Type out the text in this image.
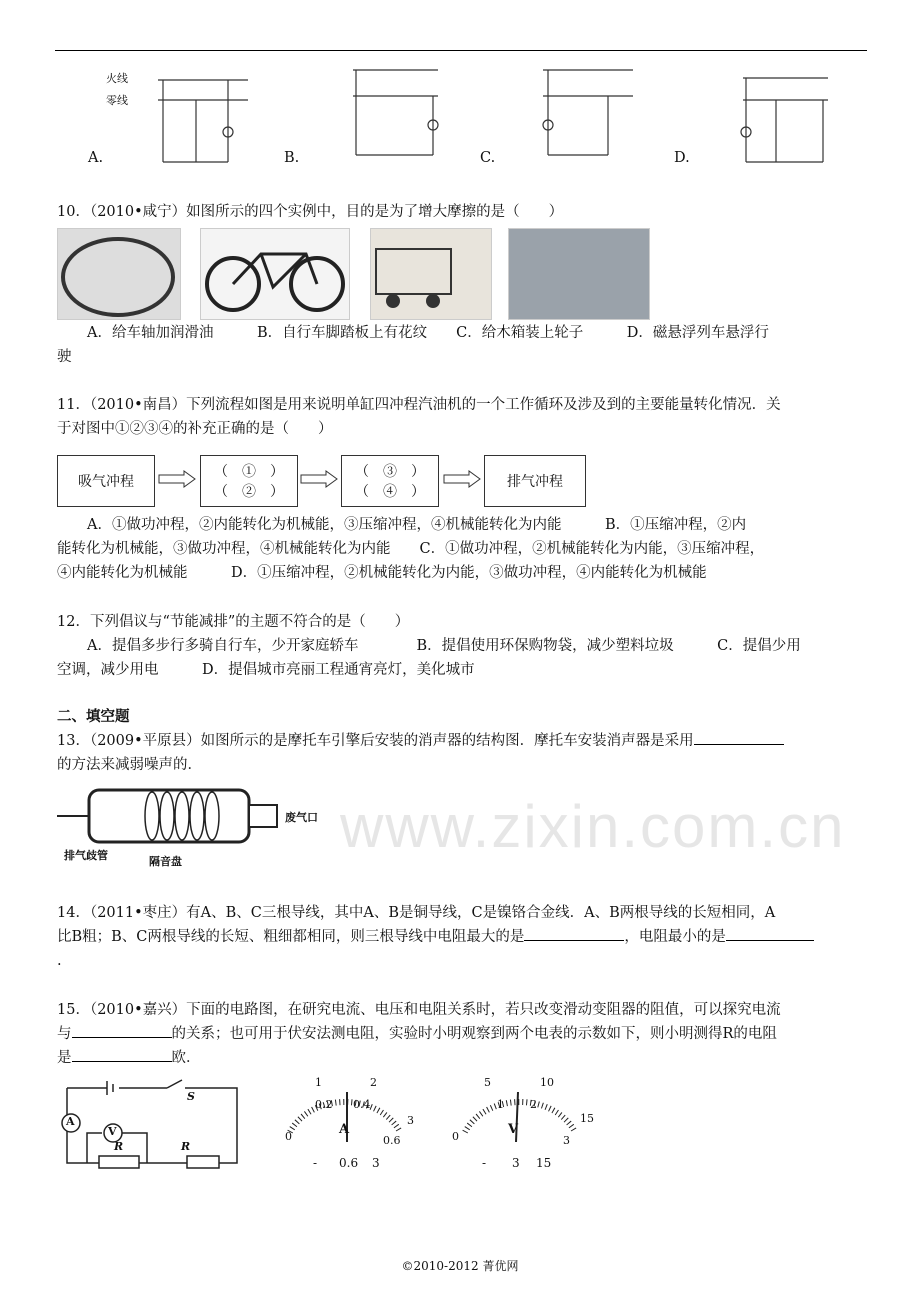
A.	B.	C.	D.
火线
零线
10．（2010•咸宁）如图所示的四个实例中，目的是为了增大摩擦的是（　　）
A．给车轴加润滑油　　　B．自行车脚踏板上有花纹　　C．给木箱装上轮子　　　D．磁悬浮列车悬浮行
驶
11．（2010•南昌）下列流程如图是用来说明单缸四冲程汽油机的一个工作循环及涉及到的主要能量转化情况．关
于对图中①②③④的补充正确的是（　　）
吸气冲程
（　①　）
（　②　）
（　③　）
（　④　）
排气冲程
A．①做功冲程，②内能转化为机械能，③压缩冲程，④机械能转化为内能　　　B．①压缩冲程，②内
能转化为机械能，③做功冲程，④机械能转化为内能　　C．①做功冲程，②机械能转化为内能，③压缩冲程，
④内能转化为机械能　　　D．①压缩冲程，②机械能转化为内能，③做功冲程，④内能转化为机械能
12．下列倡议与“节能减排”的主题不符合的是（　　）
A．提倡多步行多骑自行车，少开家庭轿车　　　　B．提倡使用环保购物袋，减少塑料垃圾　　　C．提倡少用
空调，减少用电　　　D．提倡城市亮丽工程通宵亮灯，美化城市
二、填空题
13．（2009•平原县）如图所示的是摩托车引擎后安装的消声器的结构图．摩托车安装消声器是采用
的方法来减弱噪声的．
排气歧管	隔音盘
废气口 www.zixin.com.cn
14．（2011•枣庄）有A、B、C三根导线，其中A、B是铜导线，C是镍铬合金线．A、B两根导线的长短相同，A
比B粗；B、C两根导线的长短、粗细都相同，则三根导线中电阻最大的是	，电阻最小的是
.
15．（2010•嘉兴）下面的电路图，在研究电流、电压和电阻关系时，若只改变滑动变阻器的阻值，可以探究电流
与	的关系；也可用于伏安法测电阻，实验时小明观察到两个电表的示数如下，则小明测得R的电阻
是	欧．
A
V
R	R
S
0
0.2 0.4
0.6
1	2
3
A
- 0.6 3
0
1 2
3
5	10
15
V
- 3 15
©2010-2012 菁优网
